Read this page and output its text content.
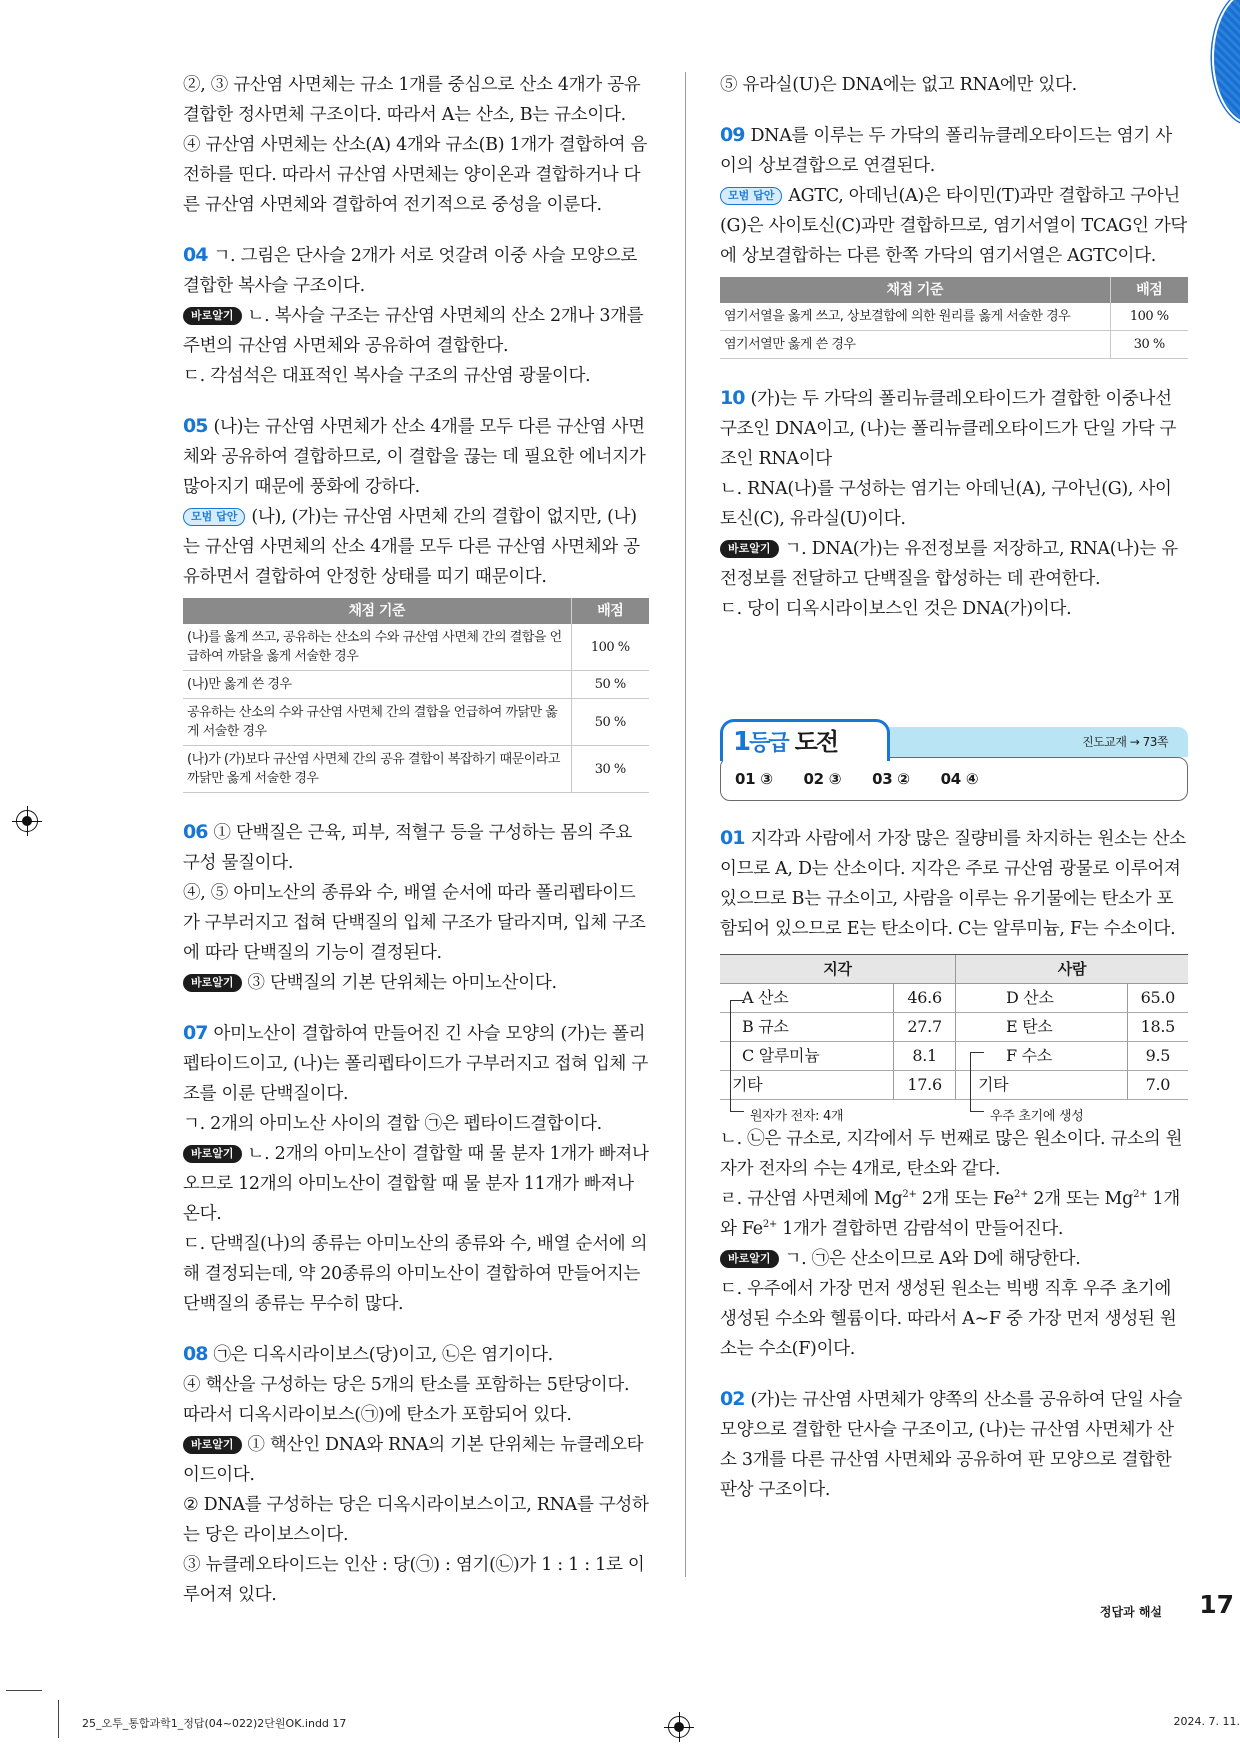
②, ③ 규산염 사면체는 규소 1개를 중심으로 산소 4개가 공유결합한 정사면체 구조이다. 따라서 A는 산소, B는 규소이다.

④ 규산염 사면체는 산소(A) 4개와 규소(B) 1개가 결합하여 음전하를 띤다. 따라서 규산염 사면체는 양이온과 결합하거나 다른 규산염 사면체와 결합하여 전기적으로 중성을 이룬다.

04 ㄱ. 그림은 단사슬 2개가 서로 엇갈려 이중 사슬 모양으로 결합한 복사슬 구조이다.

바로알기 ㄴ. 복사슬 구조는 규산염 사면체의 산소 2개나 3개를 주변의 규산염 사면체와 공유하여 결합한다.

ㄷ. 각섬석은 대표적인 복사슬 구조의 규산염 광물이다.

05 (나)는 규산염 사면체가 산소 4개를 모두 다른 규산염 사면체와 공유하여 결합하므로, 이 결합을 끊는 데 필요한 에너지가 많아지기 때문에 풍화에 강하다.

모범 답안 (나), (가)는 규산염 사면체 간의 결합이 없지만, (나)는 규산염 사면체의 산소 4개를 모두 다른 규산염 사면체와 공유하면서 결합하여 안정한 상태를 띠기 때문이다.

채점 기준	배점
(나)를 옳게 쓰고, 공유하는 산소의 수와 규산염 사면체 간의 결합을 언급하여 까닭을 옳게 서술한 경우	100 %
(나)만 옳게 쓴 경우	50 %
공유하는 산소의 수와 규산염 사면체 간의 결합을 언급하여 까닭만 옳게 서술한 경우	50 %
(나)가 (가)보다 규산염 사면체 간의 공유 결합이 복잡하기 때문이라고 까닭만 옳게 서술한 경우	30 %

06 ① 단백질은 근육, 피부, 적혈구 등을 구성하는 몸의 주요 구성 물질이다.

④, ⑤ 아미노산의 종류와 수, 배열 순서에 따라 폴리펩타이드가 구부러지고 접혀 단백질의 입체 구조가 달라지며, 입체 구조에 따라 단백질의 기능이 결정된다.

바로알기 ③ 단백질의 기본 단위체는 아미노산이다.

07 아미노산이 결합하여 만들어진 긴 사슬 모양의 (가)는 폴리펩타이드이고, (나)는 폴리펩타이드가 구부러지고 접혀 입체 구조를 이룬 단백질이다.

ㄱ. 2개의 아미노산 사이의 결합 ㉠은 펩타이드결합이다.

바로알기 ㄴ. 2개의 아미노산이 결합할 때 물 분자 1개가 빠져나오므로 12개의 아미노산이 결합할 때 물 분자 11개가 빠져나온다.

ㄷ. 단백질(나)의 종류는 아미노산의 종류와 수, 배열 순서에 의해 결정되는데, 약 20종류의 아미노산이 결합하여 만들어지는 단백질의 종류는 무수히 많다.

08 ㉠은 디옥시라이보스(당)이고, ㉡은 염기이다.

④ 핵산을 구성하는 당은 5개의 탄소를 포함하는 5탄당이다. 따라서 디옥시라이보스(㉠)에 탄소가 포함되어 있다.

바로알기 ① 핵산인 DNA와 RNA의 기본 단위체는 뉴클레오타이드이다.

② DNA를 구성하는 당은 디옥시라이보스이고, RNA를 구성하는 당은 라이보스이다.

③ 뉴클레오타이드는 인산 : 당(㉠) : 염기(㉡)가 1 : 1 : 1로 이루어져 있다.

⑤ 유라실(U)은 DNA에는 없고 RNA에만 있다.

09 DNA를 이루는 두 가닥의 폴리뉴클레오타이드는 염기 사이의 상보결합으로 연결된다.

모범 답안 AGTC, 아데닌(A)은 타이민(T)과만 결합하고 구아닌(G)은 사이토신(C)과만 결합하므로, 염기서열이 TCAG인 가닥에 상보결합하는 다른 한쪽 가닥의 염기서열은 AGTC이다.

채점 기준	배점
염기서열을 옳게 쓰고, 상보결합에 의한 원리를 옳게 서술한 경우	100 %
염기서열만 옳게 쓴 경우	30 %

10 (가)는 두 가닥의 폴리뉴클레오타이드가 결합한 이중나선구조인 DNA이고, (나)는 폴리뉴클레오타이드가 단일 가닥 구조인 RNA이다

ㄴ. RNA(나)를 구성하는 염기는 아데닌(A), 구아닌(G), 사이토신(C), 유라실(U)이다.

바로알기 ㄱ. DNA(가)는 유전정보를 저장하고, RNA(나)는 유전정보를 전달하고 단백질을 합성하는 데 관여한다.

ㄷ. 당이 디옥시라이보스인 것은 DNA(가)이다.

진도교재 → 73쪽
1등급 도전
01 ③ 02 ③ 03 ② 04 ④

01 지각과 사람에서 가장 많은 질량비를 차지하는 원소는 산소이므로 A, D는 산소이다. 지각은 주로 규산염 광물로 이루어져 있으므로 B는 규소이고, 사람을 이루는 유기물에는 탄소가 포함되어 있으므로 E는 탄소이다. C는 알루미늄, F는 수소이다.

지각		사람	
A 산소	46.6	D 산소	65.0
B 규소	27.7	E 탄소	18.5
C 알루미늄	8.1	F 수소	9.5
기타	17.6	기타	7.0
원자가 전자: 4개	우주 초기에 생성

ㄴ. ㉡은 규소로, 지각에서 두 번째로 많은 원소이다. 규소의 원자가 전자의 수는 4개로, 탄소와 같다.

ㄹ. 규산염 사면체에 $Mg^{2+}$ 2개 또는 $Fe^{2+}$ 2개 또는 $Mg^{2+}$ 1개와 $Fe^{2+}$ 1개가 결합하면 감람석이 만들어진다.

바로알기 ㄱ. ㉠은 산소이므로 A와 D에 해당한다.

ㄷ. 우주에서 가장 먼저 생성된 원소는 빅뱅 직후 우주 초기에 생성된 수소와 헬륨이다. 따라서 A∼F 중 가장 먼저 생성된 원소는 수소(F)이다.

02 (가)는 규산염 사면체가 양쪽의 산소를 공유하여 단일 사슬 모양으로 결합한 단사슬 구조이고, (나)는 규산염 사면체가 산소 3개를 다른 규산염 사면체와 공유하여 판 모양으로 결합한 판상 구조이다.

정답과 해설 17
25_오투_통합과학1_정답(04~022)2단원OK.indd 17	2024. 7. 11.
